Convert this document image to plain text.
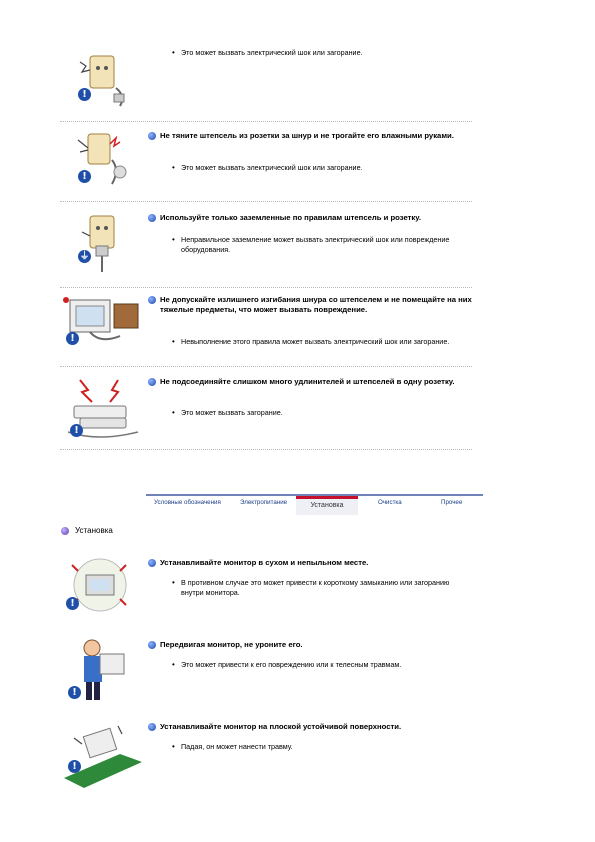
!
• Это может вызвать электрический шок или загорание.
!
Не тяните штепсель из розетки за шнур и не трогайте его влажными руками.
• Это может вызвать электрический шок или загорание.
⏚
Используйте только заземленные по правилам штепсель и розетку.
• Неправильное заземление может вызвать электрический шок или повреждение оборудования.
!
Не допускайте излишнего изгибания шнура со штепселем и не помещайте на них тяжелые предметы, что может вызвать повреждение.
• Невыполнение этого правила может вызвать электрический шок или загорание.
!
Не подсоединяйте слишком много удлинителей и штепселей в одну розетку.
• Это может вызвать загорание.
Условные обозначения	Электропитание	Установка	Очистка	Прочее
Установка
!
Устанавливайте монитор в сухом и непыльном месте.
• В противном случае это может привести к короткому замыканию или загоранию внутри монитора.
!
Передвигая монитор, не уроните его.
• Это может привести к его повреждению или к телесным травмам.
!
Устанавливайте монитор на плоской устойчивой поверхности.
• Падая, он может нанести травму.
